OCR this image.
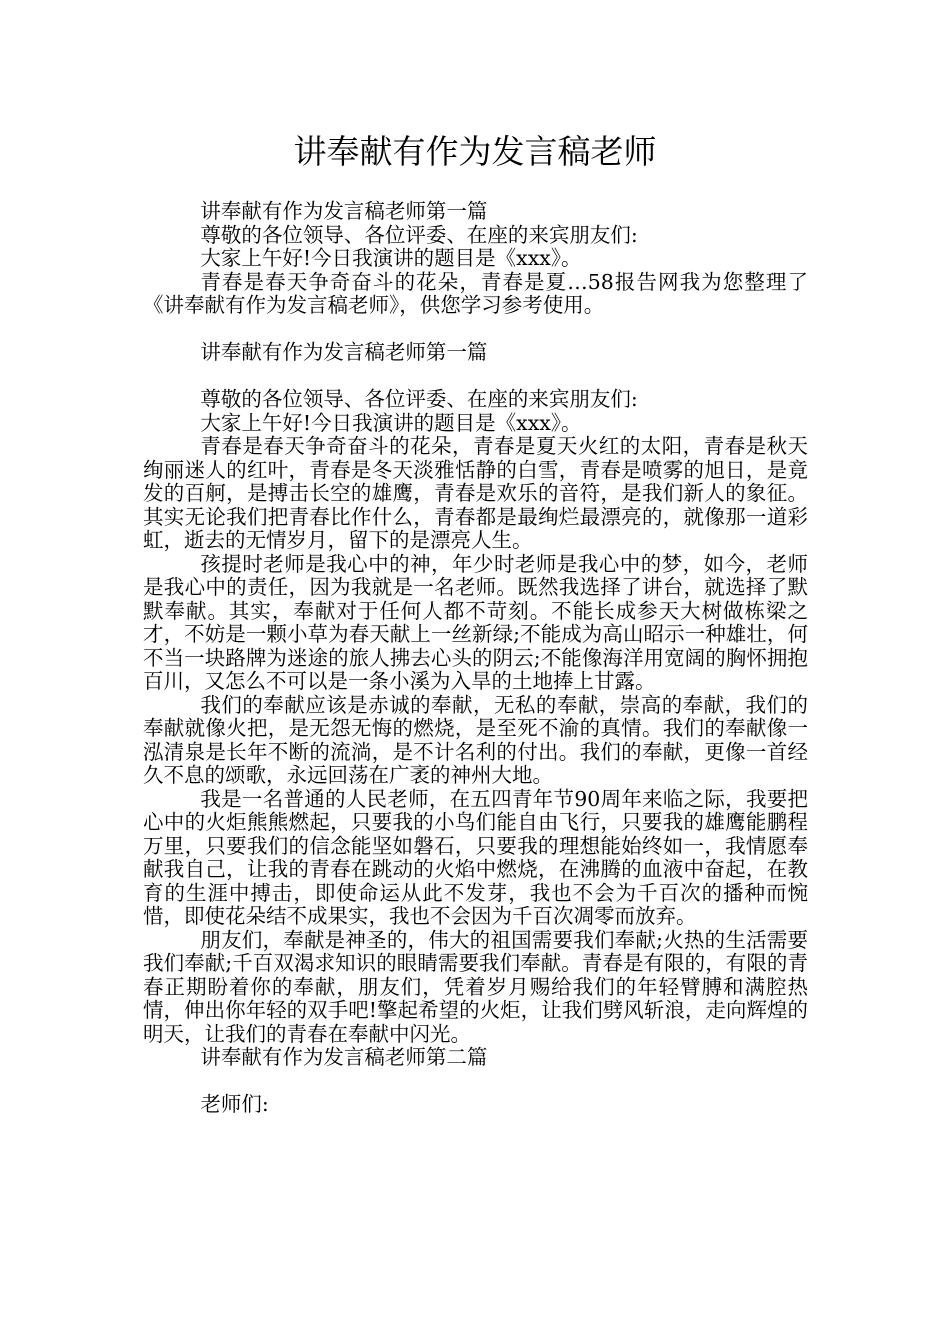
讲奉献有作为发言稿老师

讲奉献有作为发言稿老师第一篇

尊敬的各位领导、各位评委、在座的来宾朋友们:

大家上午好!今日我演讲的题目是《xxx》。

青春是春天争奇奋斗的花朵，青春是夏…58报告网我为您整理了《讲奉献有作为发言稿老师》，供您学习参考使用。

讲奉献有作为发言稿老师第一篇

尊敬的各位领导、各位评委、在座的来宾朋友们:

大家上午好!今日我演讲的题目是《xxx》。

青春是春天争奇奋斗的花朵，青春是夏天火红的太阳，青春是秋天绚丽迷人的红叶，青春是冬天淡雅恬静的白雪，青春是喷雾的旭日，是竟发的百舸，是搏击长空的雄鹰，青春是欢乐的音符，是我们新人的象征。其实无论我们把青春比作什么，青春都是最绚烂最漂亮的，就像那一道彩虹，逝去的无情岁月，留下的是漂亮人生。

孩提时老师是我心中的神，年少时老师是我心中的梦，如今，老师是我心中的责任，因为我就是一名老师。既然我选择了讲台，就选择了默默奉献。其实，奉献对于任何人都不苛刻。不能长成参天大树做栋梁之才，不妨是一颗小草为春天献上一丝新绿;不能成为高山昭示一种雄壮，何不当一块路牌为迷途的旅人拂去心头的阴云;不能像海洋用宽阔的胸怀拥抱百川，又怎么不可以是一条小溪为入旱的土地捧上甘露。

我们的奉献应该是赤诚的奉献，无私的奉献，崇高的奉献，我们的奉献就像火把，是无怨无悔的燃烧，是至死不渝的真情。我们的奉献像一泓清泉是长年不断的流淌，是不计名利的付出。我们的奉献，更像一首经久不息的颂歌，永远回荡在广袤的神州大地。

我是一名普通的人民老师，在五四青年节90周年来临之际，我要把心中的火炬熊熊燃起，只要我的小鸟们能自由飞行，只要我的雄鹰能鹏程万里，只要我们的信念能坚如磐石，只要我的理想能始终如一，我情愿奉献我自己，让我的青春在跳动的火焰中燃烧，在沸腾的血液中奋起，在教育的生涯中搏击，即使命运从此不发芽，我也不会为千百次的播种而惋惜，即使花朵结不成果实，我也不会因为千百次凋零而放弃。

朋友们，奉献是神圣的，伟大的祖国需要我们奉献;火热的生活需要我们奉献;千百双渴求知识的眼睛需要我们奉献。青春是有限的，有限的青春正期盼着你的奉献，朋友们，凭着岁月赐给我们的年轻臂膊和满腔热情，伸出你年轻的双手吧!擎起希望的火炬，让我们劈风斩浪，走向辉煌的明天，让我们的青春在奉献中闪光。

讲奉献有作为发言稿老师第二篇

老师们:
